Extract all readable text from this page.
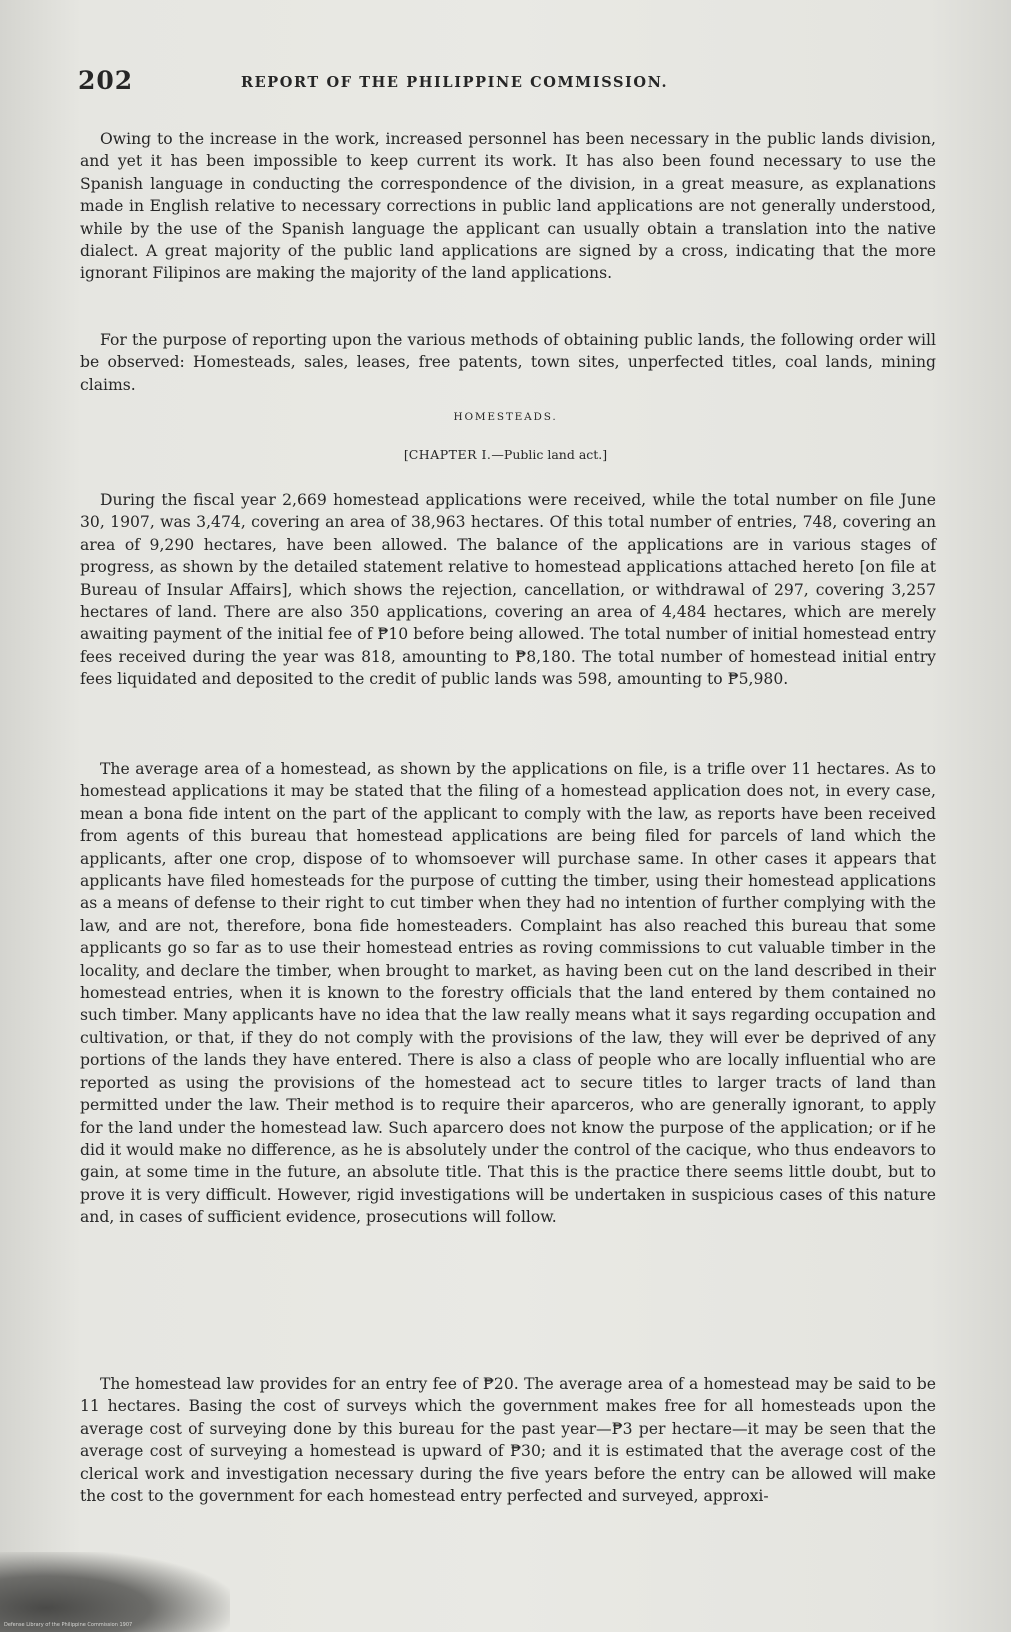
202	REPORT OF THE PHILIPPINE COMMISSION.

Owing to the increase in the work, increased personnel has been necessary in the public lands division, and yet it has been impossible to keep current its work. It has also been found necessary to use the Spanish language in conducting the correspondence of the division, in a great measure, as explanations made in English relative to necessary corrections in public land applications are not generally understood, while by the use of the Spanish language the applicant can usually obtain a translation into the native dialect. A great majority of the public land applications are signed by a cross, indicating that the more ignorant Filipinos are making the majority of the land applications.

For the purpose of reporting upon the various methods of obtaining public lands, the following order will be observed: Homesteads, sales, leases, free patents, town sites, unperfected titles, coal lands, mining claims.

HOMESTEADS.
[CHAPTER I.—Public land act.]

During the fiscal year 2,669 homestead applications were received, while the total number on file June 30, 1907, was 3,474, covering an area of 38,963 hectares. Of this total number of entries, 748, covering an area of 9,290 hectares, have been allowed. The balance of the applications are in various stages of progress, as shown by the detailed statement relative to homestead applications attached hereto [on file at Bureau of Insular Affairs], which shows the rejection, cancellation, or withdrawal of 297, covering 3,257 hectares of land. There are also 350 applications, covering an area of 4,484 hectares, which are merely awaiting payment of the initial fee of ₱10 before being allowed. The total number of initial homestead entry fees received during the year was 818, amounting to ₱8,180. The total number of homestead initial entry fees liquidated and deposited to the credit of public lands was 598, amounting to ₱5,980.

The average area of a homestead, as shown by the applications on file, is a trifle over 11 hectares. As to homestead applications it may be stated that the filing of a homestead application does not, in every case, mean a bona fide intent on the part of the applicant to comply with the law, as reports have been received from agents of this bureau that homestead applications are being filed for parcels of land which the applicants, after one crop, dispose of to whomsoever will purchase same. In other cases it appears that applicants have filed homesteads for the purpose of cutting the timber, using their homestead applications as a means of defense to their right to cut timber when they had no intention of further complying with the law, and are not, therefore, bona fide homesteaders. Complaint has also reached this bureau that some applicants go so far as to use their homestead entries as roving commissions to cut valuable timber in the locality, and declare the timber, when brought to market, as having been cut on the land described in their homestead entries, when it is known to the forestry officials that the land entered by them contained no such timber. Many applicants have no idea that the law really means what it says regarding occupation and cultivation, or that, if they do not comply with the provisions of the law, they will ever be deprived of any portions of the lands they have entered. There is also a class of people who are locally influential who are reported as using the provisions of the homestead act to secure titles to larger tracts of land than permitted under the law. Their method is to require their aparceros, who are generally ignorant, to apply for the land under the homestead law. Such aparcero does not know the purpose of the application; or if he did it would make no difference, as he is absolutely under the control of the cacique, who thus endeavors to gain, at some time in the future, an absolute title. That this is the practice there seems little doubt, but to prove it is very difficult. However, rigid investigations will be undertaken in suspicious cases of this nature and, in cases of sufficient evidence, prosecutions will follow.

The homestead law provides for an entry fee of ₱20. The average area of a homestead may be said to be 11 hectares. Basing the cost of surveys which the government makes free for all homesteads upon the average cost of surveying done by this bureau for the past year—₱3 per hectare—it may be seen that the average cost of surveying a homestead is upward of ₱30; and it is estimated that the average cost of the clerical work and investigation necessary during the five years before the entry can be allowed will make the cost to the government for each homestead entry perfected and surveyed, approxi-

Defense Library of the Philippine Commission 1907
